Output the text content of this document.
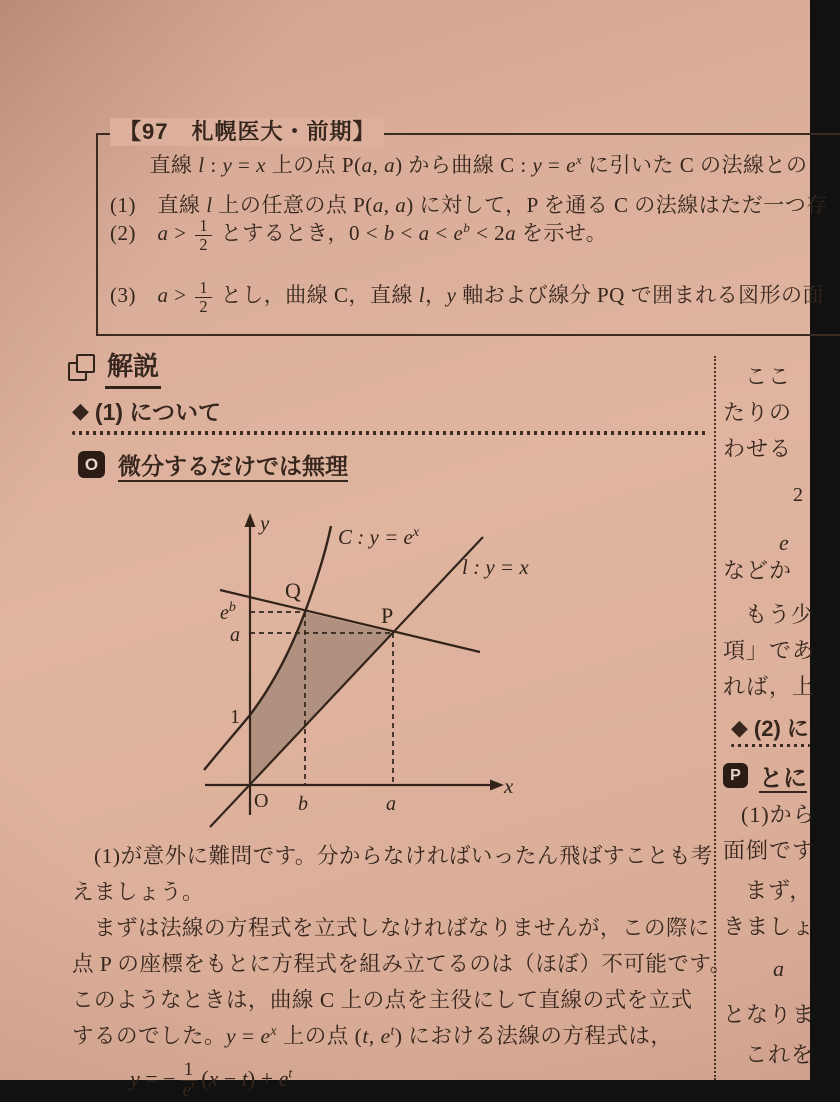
【97　札幌医大・前期】
　直線 l : y = x 上の点 P(a, a) から曲線 C : $y = e^x$ に引いた C の法線との
(1)　直線 l 上の任意の点 P(a, a) に対して，P を通る C の法線はただ一つ存
(2)　$a > \frac{1}{2}$ とするとき，$0 < b < a < e^b < 2a$ を示せ。
(3)　$a > \frac{1}{2}$ とし，曲線 C，直線 l，y 軸および線分 PQ で囲まれる図形の面
解説
◆ (1) について
O 微分するだけでは無理
y
x
O
1
b	a
a
$e^b$
Q
P
C : $y = e^x$
l : y = x
　(1)が意外に難問です。分からなければいったん飛ばすことも考
えましょう。
　まずは法線の方程式を立式しなければなりませんが，この際に
点 P の座標をもとに方程式を組み立てるのは（ほぼ）不可能です。
このようなときは，曲線 C 上の点を主役にして直線の式を立式
するのでした。$y = e^x$ 上の点 (t, $e^t$) における法線の方程式は，
y = − $\frac{1}{e^t} (x - t) + e^t$
ここ
たりの
わせる
2
e
などか
もう少
項」であ
れば，上
◆ (2) に
P とに
(1)から
面倒です
まず，
きましょ
a
となりま
これを
